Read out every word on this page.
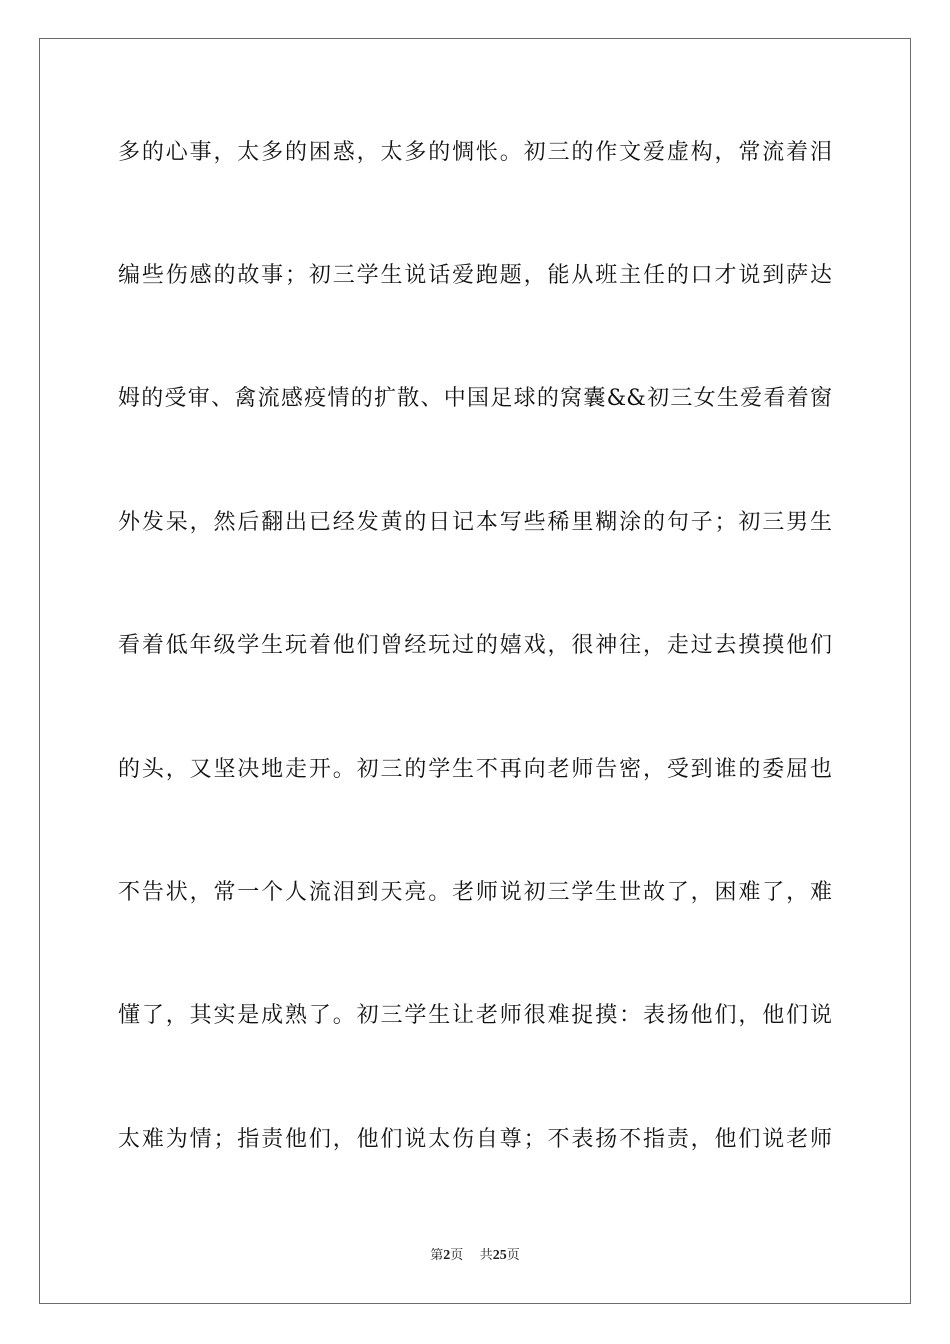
多的心事，太多的困惑，太多的惆怅。初三的作文爱虚构，常流着泪
编些伤感的故事；初三学生说话爱跑题，能从班主任的口才说到萨达
姆的受审、禽流感疫情的扩散、中国足球的窝囊&&初三女生爱看着窗
外发呆，然后翻出已经发黄的日记本写些稀里糊涂的句子；初三男生
看着低年级学生玩着他们曾经玩过的嬉戏，很神往，走过去摸摸他们
的头，又坚决地走开。初三的学生不再向老师告密，受到谁的委屈也
不告状，常一个人流泪到天亮。老师说初三学生世故了，困难了，难
懂了，其实是成熟了。初三学生让老师很难捉摸：表扬他们，他们说
太难为情；指责他们，他们说太伤自尊；不表扬不指责，他们说老师
第2页 共25页
